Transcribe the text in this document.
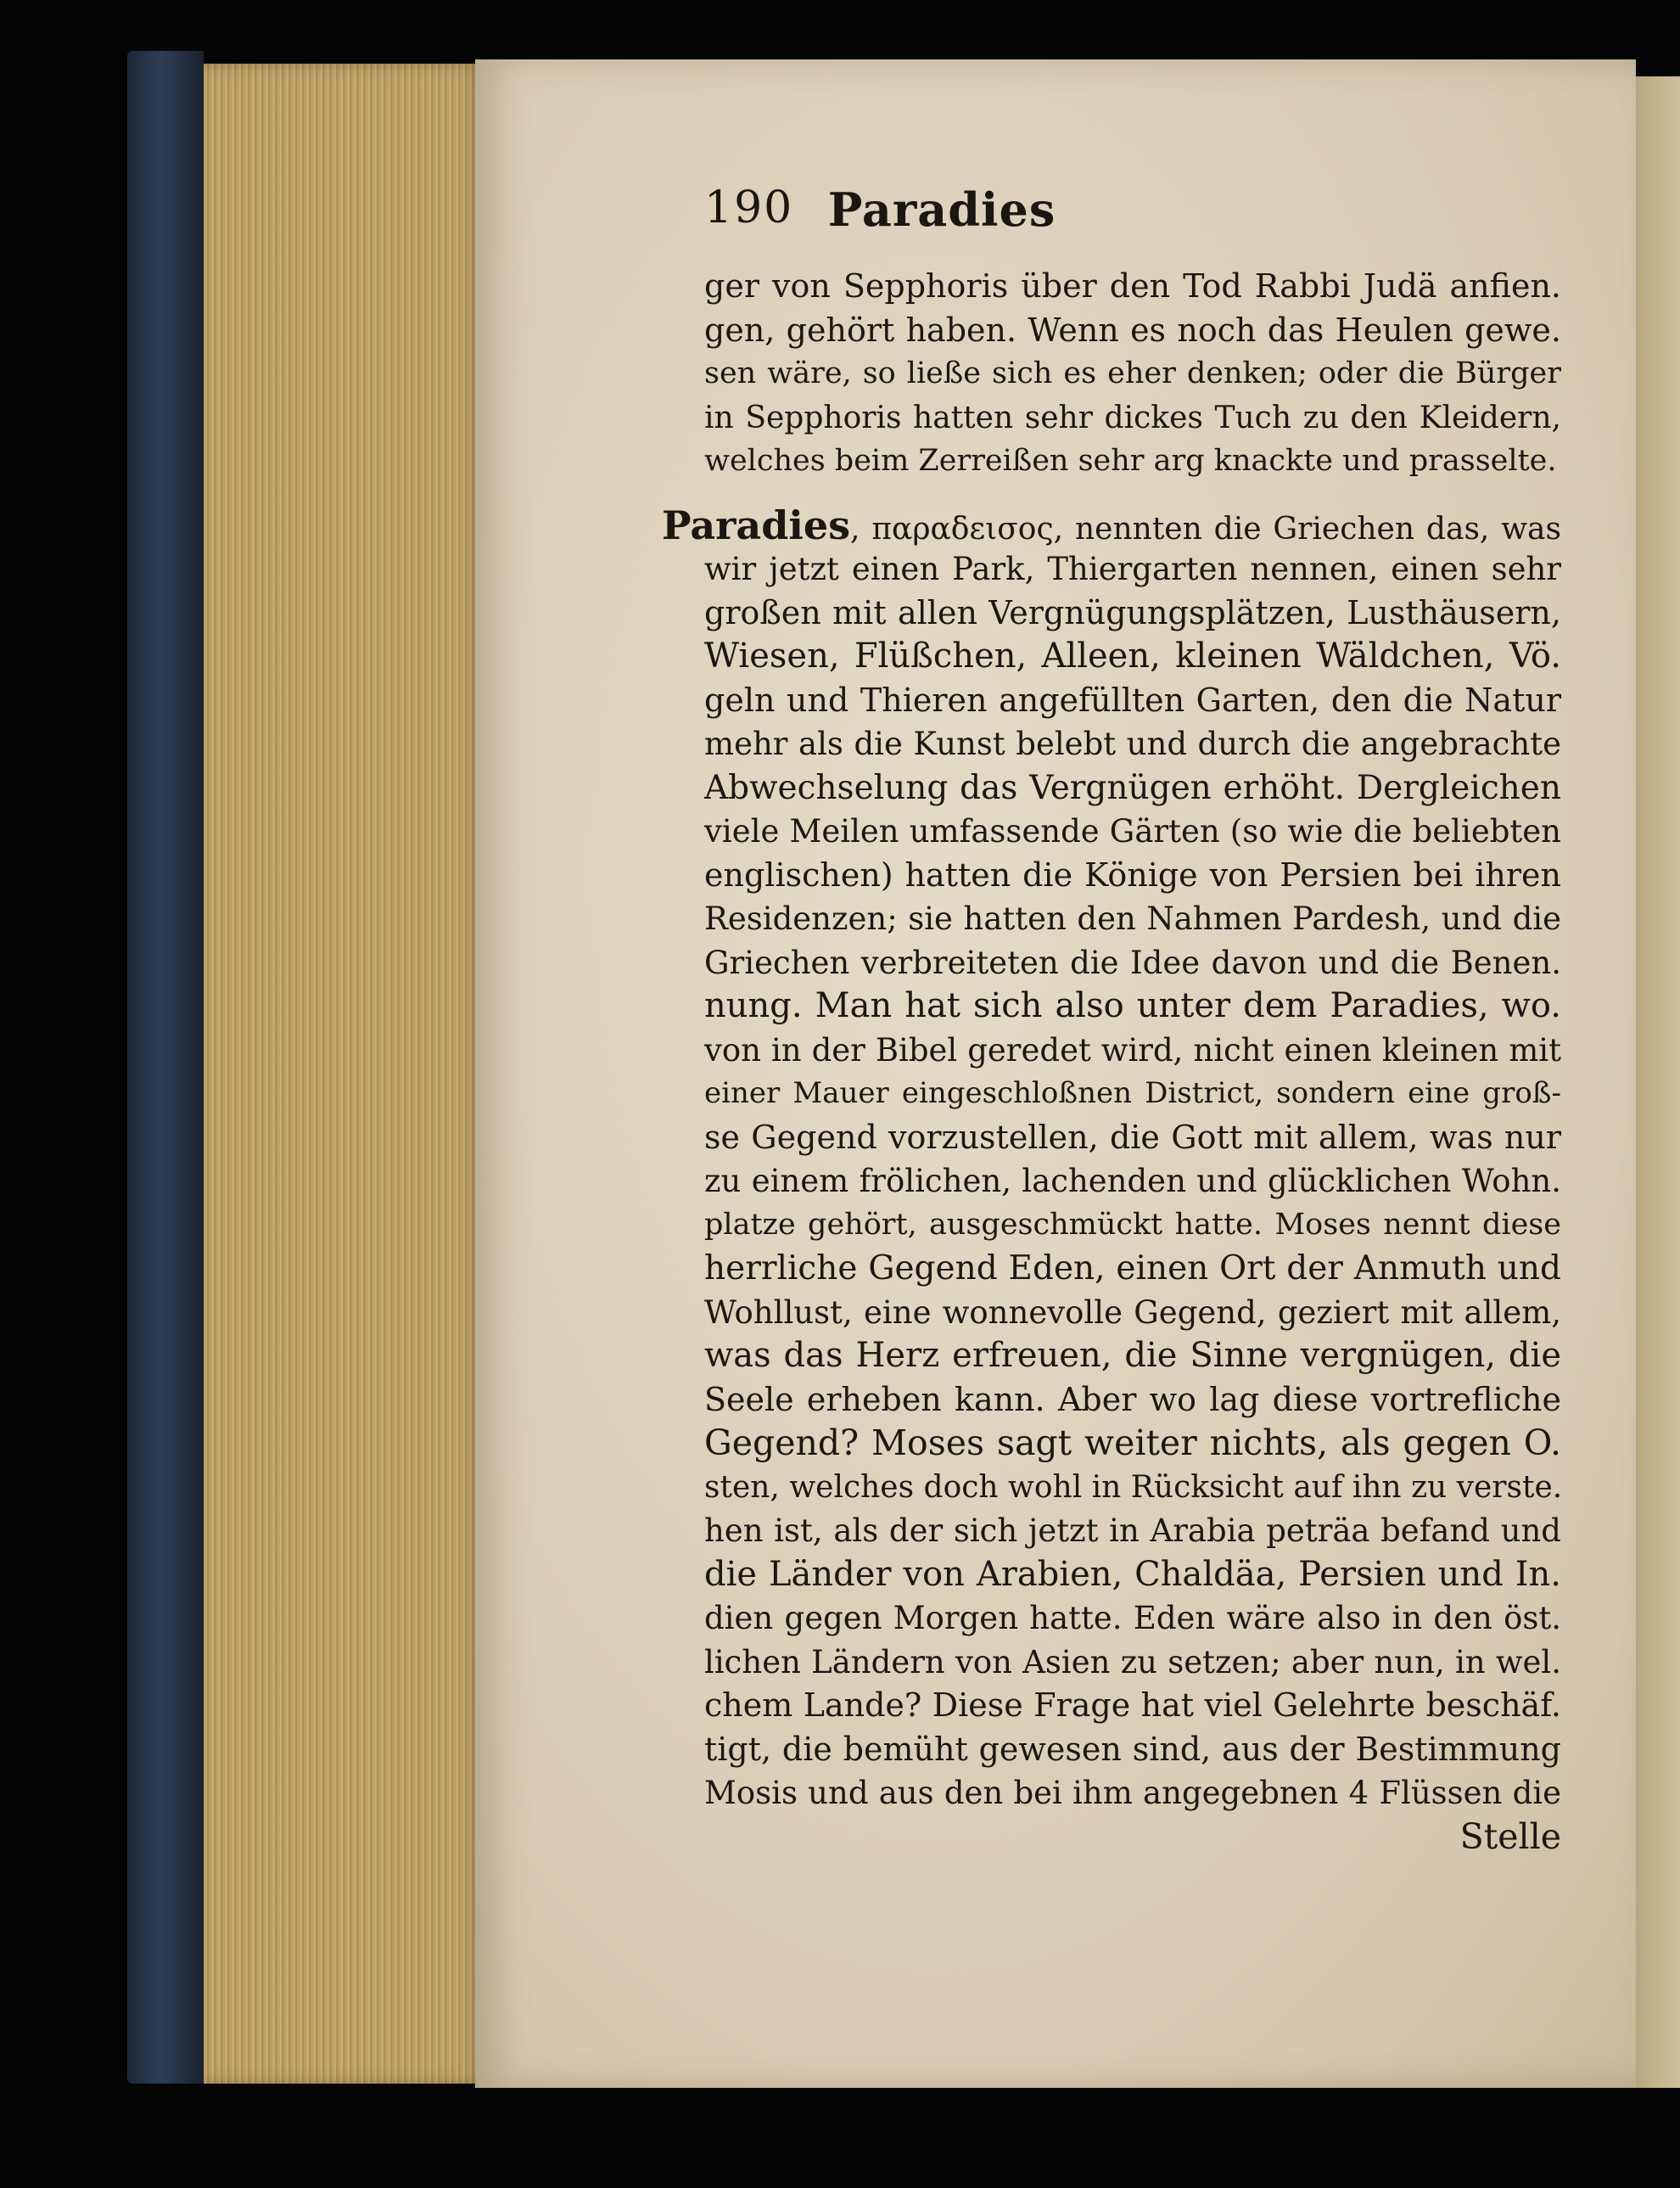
190 Paradies
ger von Sepphoris über den Tod Rabbi Judä anfien.
gen, gehört haben. Wenn es noch das Heulen gewe.
sen wäre, so ließe sich es eher denken; oder die Bürger
in Sepphoris hatten sehr dickes Tuch zu den Kleidern,
welches beim Zerreißen sehr arg knackte und prasselte.
Paradies, παραδεισος, nennten die Griechen das, was
wir jetzt einen Park, Thiergarten nennen, einen sehr
großen mit allen Vergnügungsplätzen, Lusthäusern,
Wiesen, Flüßchen, Alleen, kleinen Wäldchen, Vö.
geln und Thieren angefüllten Garten, den die Natur
mehr als die Kunst belebt und durch die angebrachte
Abwechselung das Vergnügen erhöht. Dergleichen
viele Meilen umfassende Gärten (so wie die beliebten
englischen) hatten die Könige von Persien bei ihren
Residenzen; sie hatten den Nahmen Pardesh, und die
Griechen verbreiteten die Idee davon und die Benen.
nung. Man hat sich also unter dem Paradies, wo.
von in der Bibel geredet wird, nicht einen kleinen mit
einer Mauer eingeschloßnen District, sondern eine groß-
se Gegend vorzustellen, die Gott mit allem, was nur
zu einem frölichen, lachenden und glücklichen Wohn.
platze gehört, ausgeschmückt hatte. Moses nennt diese
herrliche Gegend Eden, einen Ort der Anmuth und
Wohllust, eine wonnevolle Gegend, geziert mit allem,
was das Herz erfreuen, die Sinne vergnügen, die
Seele erheben kann. Aber wo lag diese vortrefliche
Gegend? Moses sagt weiter nichts, als gegen O.
sten, welches doch wohl in Rücksicht auf ihn zu verste.
hen ist, als der sich jetzt in Arabia peträa befand und
die Länder von Arabien, Chaldäa, Persien und In.
dien gegen Morgen hatte. Eden wäre also in den öst.
lichen Ländern von Asien zu setzen; aber nun, in wel.
chem Lande? Diese Frage hat viel Gelehrte beschäf.
tigt, die bemüht gewesen sind, aus der Bestimmung
Mosis und aus den bei ihm angegebnen 4 Flüssen die
Stelle
